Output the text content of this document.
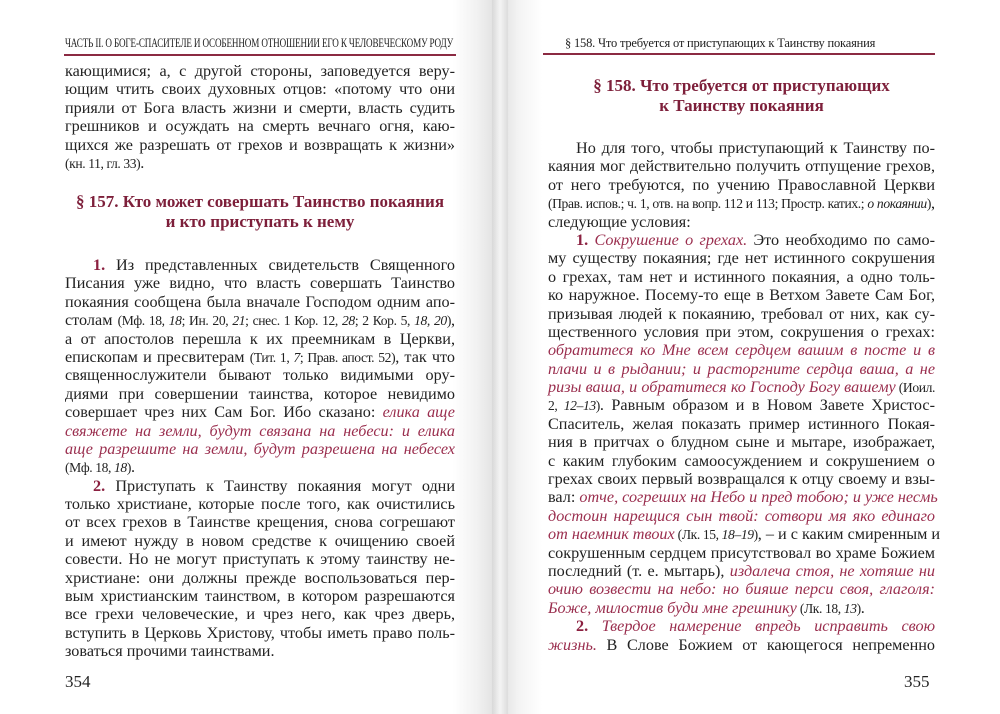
ЧАСТЬ II. О БОГЕ-СПАСИТЕЛЕ И ОСОБЕННОМ ОТНОШЕНИИ ЕГО К ЧЕЛОВЕЧЕСКОМУ РОДУ
кающимися; а, с другой стороны, заповедуется веру-
ющим чтить своих духовных отцов: «потому что они
прияли от Бога власть жизни и смерти, власть судить
грешников и осуждать на смерть вечнаго огня, каю-
щихся же разрешать от грехов и возвращать к жизни»
(кн. 11, гл. 33).
§ 157. Кто может совершать Таинство покаяния
и кто приступать к нему
1. Из представленных свидетельств Священного
Писания уже видно, что власть совершать Таинство
покаяния сообщена была вначале Господом одним апо-
столам (Мф. 18, 18; Ин. 20, 21; снес. 1 Кор. 12, 28; 2 Кор. 5, 18, 20),
а от апостолов перешла к их преемникам в Церкви,
епископам и пресвитерам (Тит. 1, 7; Прав. апост. 52), так что
священнослужители бывают только видимыми ору-
диями при совершении таинства, которое невидимо
совершает чрез них Сам Бог. Ибо сказано: елика аще
свяжете на земли, будут связана на небеси: и елика
аще разрешите на земли, будут разрешена на небесех
(Мф. 18, 18).
2. Приступать к Таинству покаяния могут одни
только христиане, которые после того, как очистились
от всех грехов в Таинстве крещения, снова согрешают
и имеют нужду в новом средстве к очищению своей
совести. Но не могут приступать к этому таинству не-
христиане: они должны прежде воспользоваться пер-
вым христианским таинством, в котором разрешаются
все грехи человеческие, и чрез него, как чрез дверь,
вступить в Церковь Христову, чтобы иметь право поль-
зоваться прочими таинствами.
354
§ 158. Что требуется от приступающих к Таинству покаяния
§ 158. Что требуется от приступающих
к Таинству покаяния
Но для того, чтобы приступающий к Таинству по-
каяния мог действительно получить отпущение грехов,
от него требуются, по учению Православной Церкви
(Прав. испов.; ч. 1, отв. на вопр. 112 и 113; Простр. катих.; о покаянии),
следующие условия:
1. Сокрушение о грехах. Это необходимо по само-
му существу покаяния; где нет истинного сокрушения
о грехах, там нет и истинного покаяния, а одно толь-
ко наружное. Посему-то еще в Ветхом Завете Сам Бог,
призывая людей к покаянию, требовал от них, как су-
щественного условия при этом, сокрушения о грехах:
обратитеся ко Мне всем сердцем вашим в посте и в
плачи и в рыдании; и расторгните сердца ваша, а не
ризы ваша, и обратитеся ко Господу Богу вашему (Иоил.
2, 12–13). Равным образом и в Новом Завете Христос-
Спаситель, желая показать пример истинного Покая-
ния в притчах о блудном сыне и мытаре, изображает,
с каким глубоким самоосуждением и сокрушением о
грехах своих первый возвращался к отцу своему и взы-
вал: отче, согреших на Небо и пред тобою; и уже несмь
достоин нарещися сын твой: сотвори мя яко единаго
от наемник твоих (Лк. 15, 18–19), – и с каким смиренным и
сокрушенным сердцем присутствовал во храме Божием
последний (т. е. мытарь), издалеча стоя, не хотяше ни
очию возвести на небо: но бияше перси своя, глаголя:
Боже, милостив буди мне грешнику (Лк. 18, 13).
2. Твердое намерение впредь исправить свою
жизнь. В Слове Божием от кающегося непременно
355
